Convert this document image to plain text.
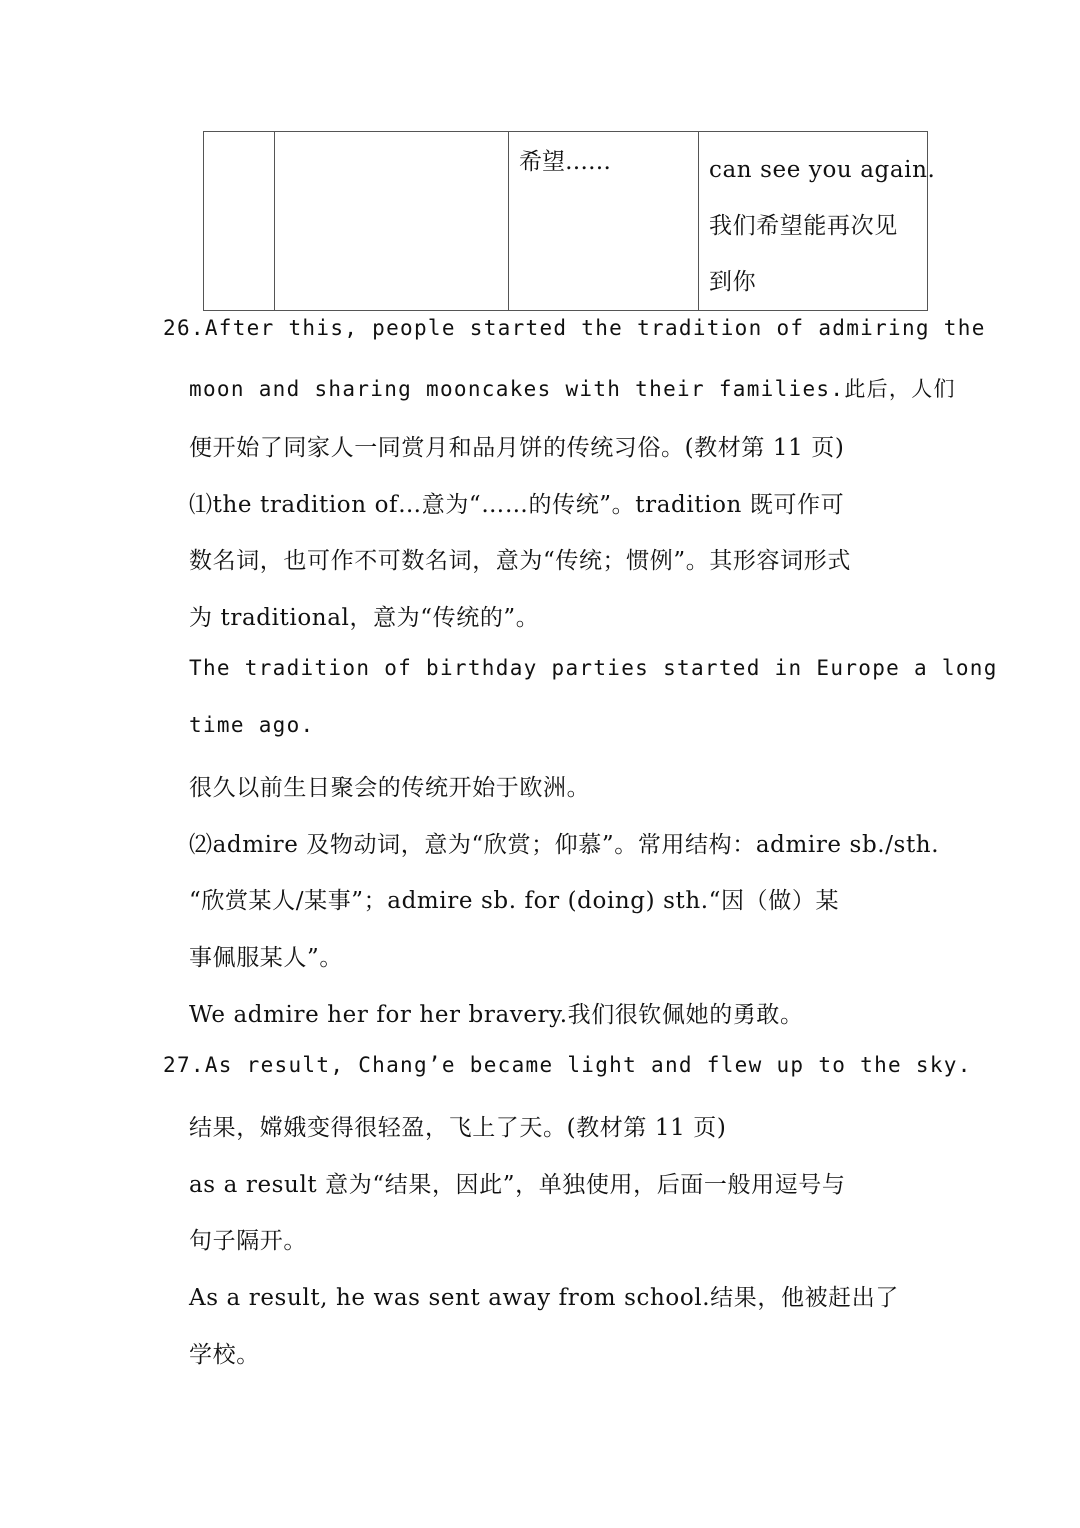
		希望……	can see you again.
我们希望能再次见
到你
26.After this, people started the tradition of admiring the
moon and sharing mooncakes with their families.此后，人们
便开始了同家人一同赏月和品月饼的传统习俗。(教材第 11 页)
⑴the tradition of…意为“……的传统”。tradition 既可作可
数名词，也可作不可数名词，意为“传统；惯例”。其形容词形式
为 traditional，意为“传统的”。
The tradition of birthday parties started in Europe a long
time ago.
很久以前生日聚会的传统开始于欧洲。
⑵admire 及物动词，意为“欣赏；仰慕”。常用结构：admire sb./sth.
“欣赏某人/某事”；admire sb. for (doing) sth.“因（做）某
事佩服某人”。
We admire her for her bravery.我们很钦佩她的勇敢。
27.As result, Chang’e became light and flew up to the sky.
结果，嫦娥变得很轻盈，飞上了天。(教材第 11 页)
as a result 意为“结果，因此”，单独使用，后面一般用逗号与
句子隔开。
As a result, he was sent away from school.结果，他被赶出了
学校。
